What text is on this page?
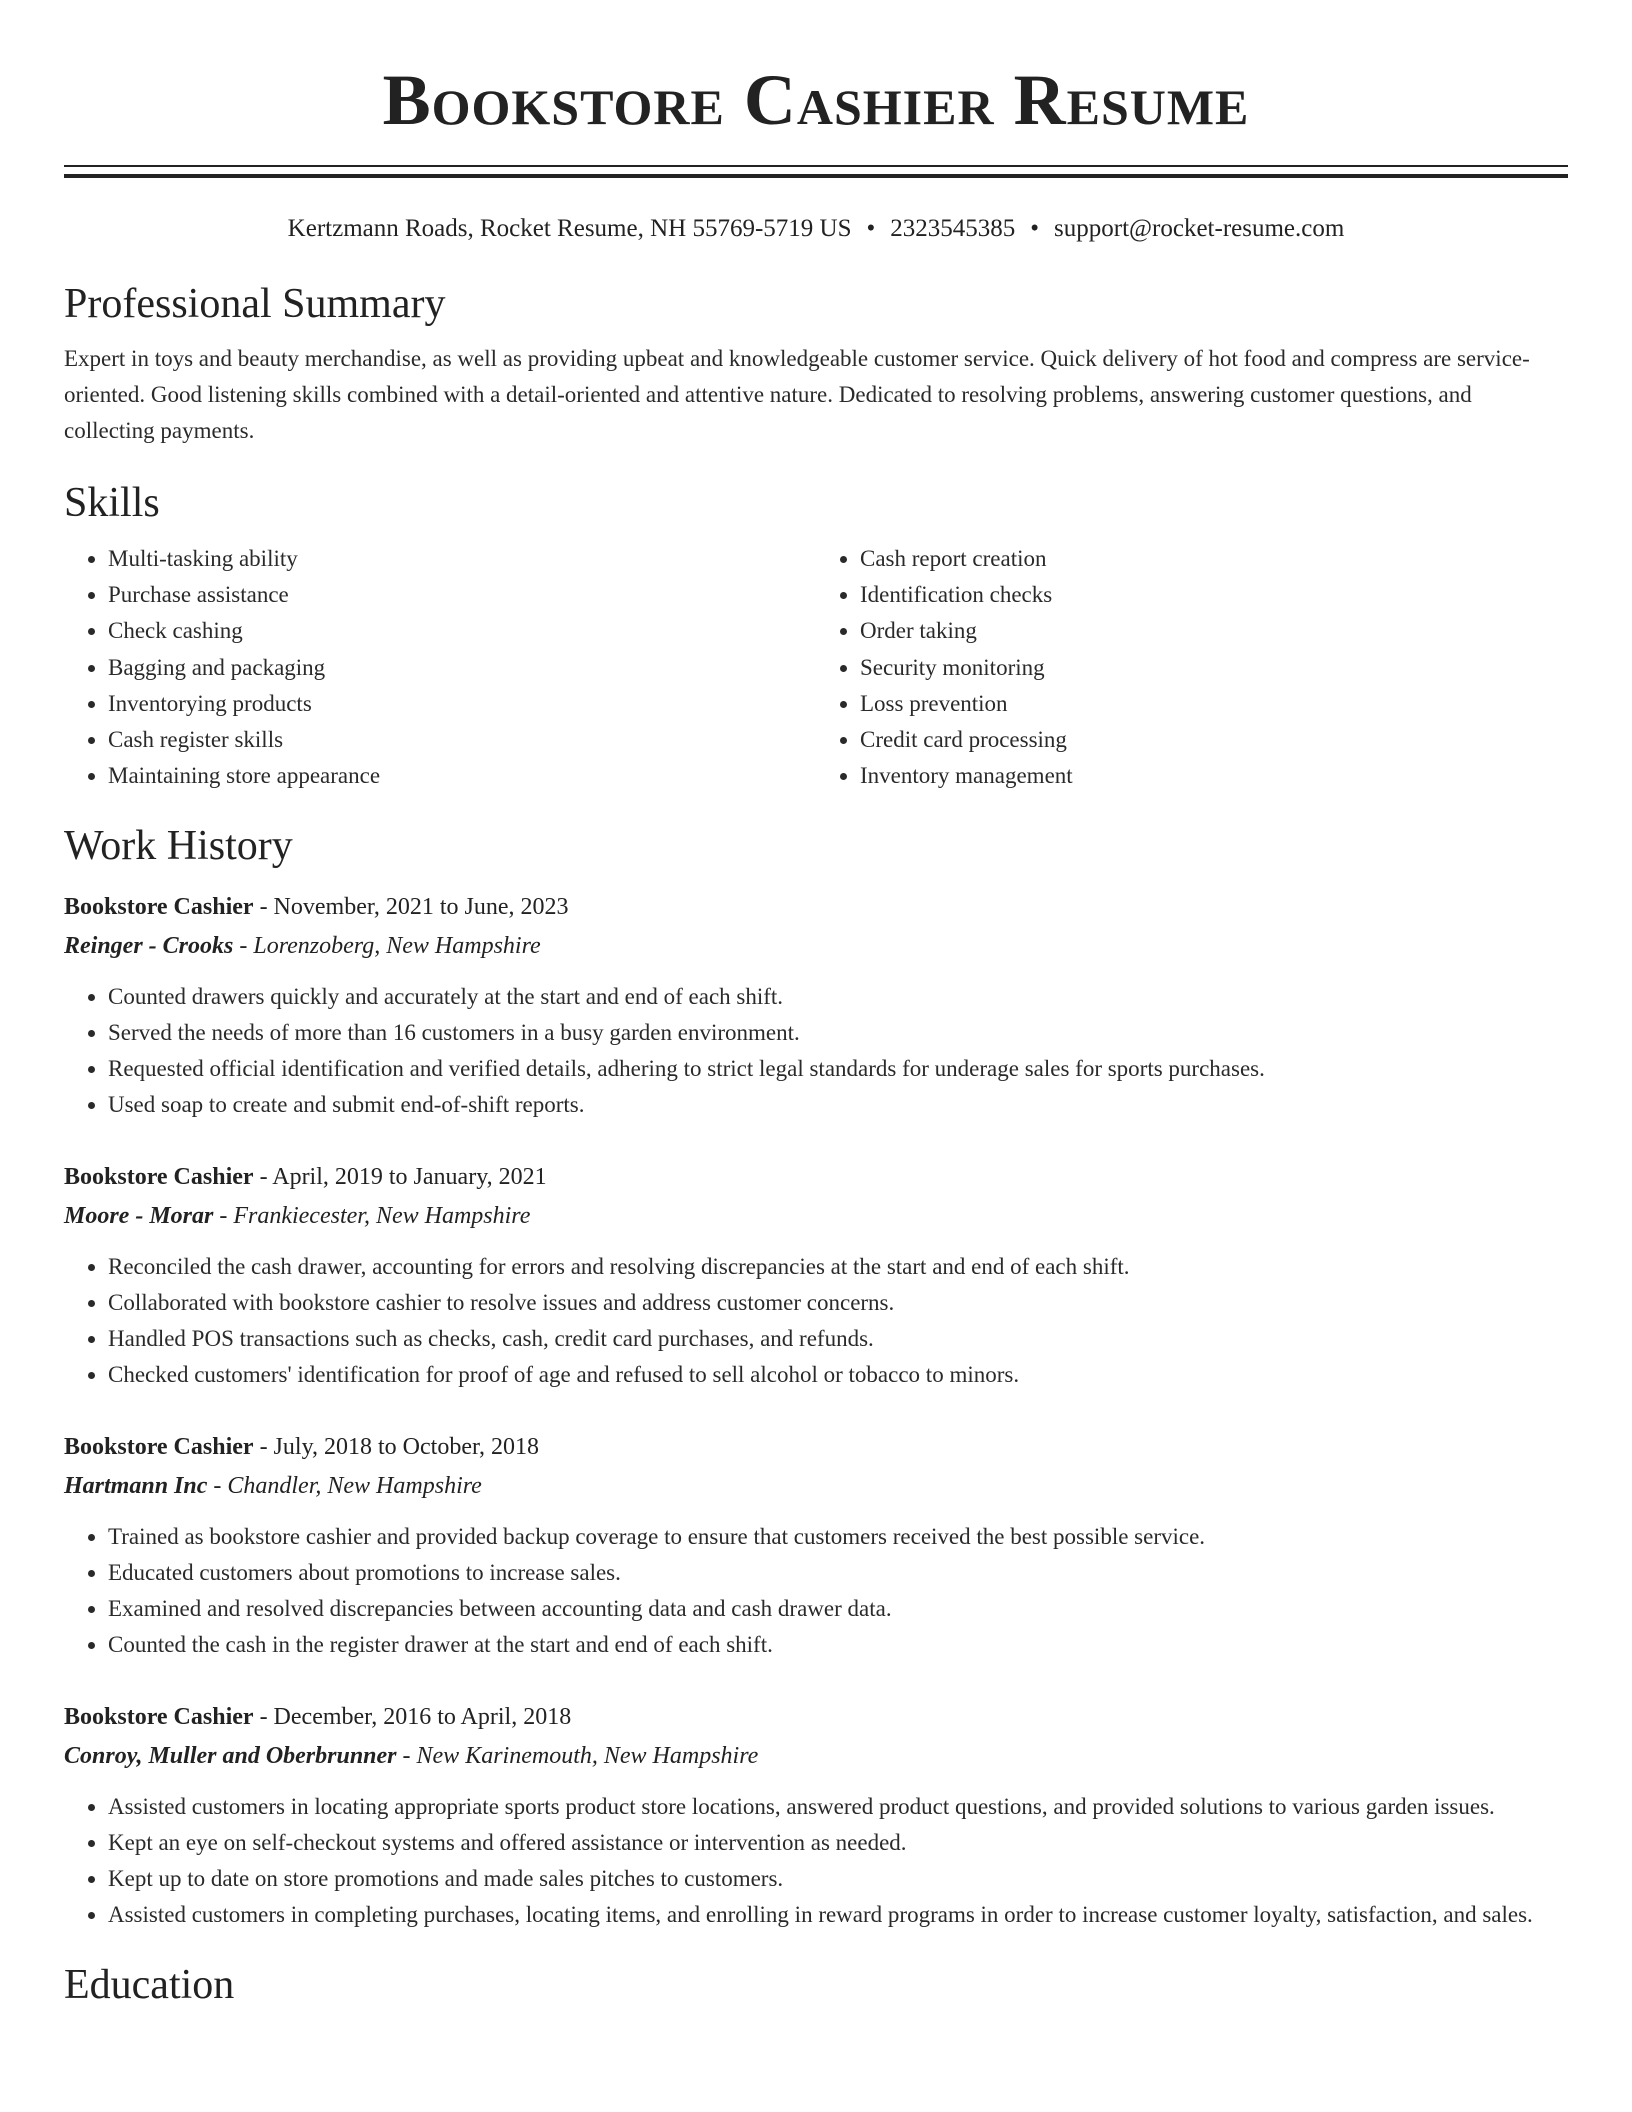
Bookstore Cashier Resume
Kertzmann Roads, Rocket Resume, NH 55769-5719 US • 2323545385 • support@rocket-resume.com
Professional Summary

Expert in toys and beauty merchandise, as well as providing upbeat and knowledgeable customer service. Quick delivery of hot food and compress are service-oriented. Good listening skills combined with a detail-oriented and attentive nature. Dedicated to resolving problems, answering customer questions, and collecting payments.

Skills
• Multi-tasking ability
• Purchase assistance
• Check cashing
• Bagging and packaging
• Inventorying products
• Cash register skills
• Maintaining store appearance
• Cash report creation
• Identification checks
• Order taking
• Security monitoring
• Loss prevention
• Credit card processing
• Inventory management
Work History
Bookstore Cashier - November, 2021 to June, 2023
Reinger - Crooks - Lorenzoberg, New Hampshire
• Counted drawers quickly and accurately at the start and end of each shift.
• Served the needs of more than 16 customers in a busy garden environment.
• Requested official identification and verified details, adhering to strict legal standards for underage sales for sports purchases.
• Used soap to create and submit end-of-shift reports.
Bookstore Cashier - April, 2019 to January, 2021
Moore - Morar - Frankiecester, New Hampshire
• Reconciled the cash drawer, accounting for errors and resolving discrepancies at the start and end of each shift.
• Collaborated with bookstore cashier to resolve issues and address customer concerns.
• Handled POS transactions such as checks, cash, credit card purchases, and refunds.
• Checked customers' identification for proof of age and refused to sell alcohol or tobacco to minors.
Bookstore Cashier - July, 2018 to October, 2018
Hartmann Inc - Chandler, New Hampshire
• Trained as bookstore cashier and provided backup coverage to ensure that customers received the best possible service.
• Educated customers about promotions to increase sales.
• Examined and resolved discrepancies between accounting data and cash drawer data.
• Counted the cash in the register drawer at the start and end of each shift.
Bookstore Cashier - December, 2016 to April, 2018
Conroy, Muller and Oberbrunner - New Karinemouth, New Hampshire
• Assisted customers in locating appropriate sports product store locations, answered product questions, and provided solutions to various garden issues.
• Kept an eye on self-checkout systems and offered assistance or intervention as needed.
• Kept up to date on store promotions and made sales pitches to customers.
• Assisted customers in completing purchases, locating items, and enrolling in reward programs in order to increase customer loyalty, satisfaction, and sales.
Education
